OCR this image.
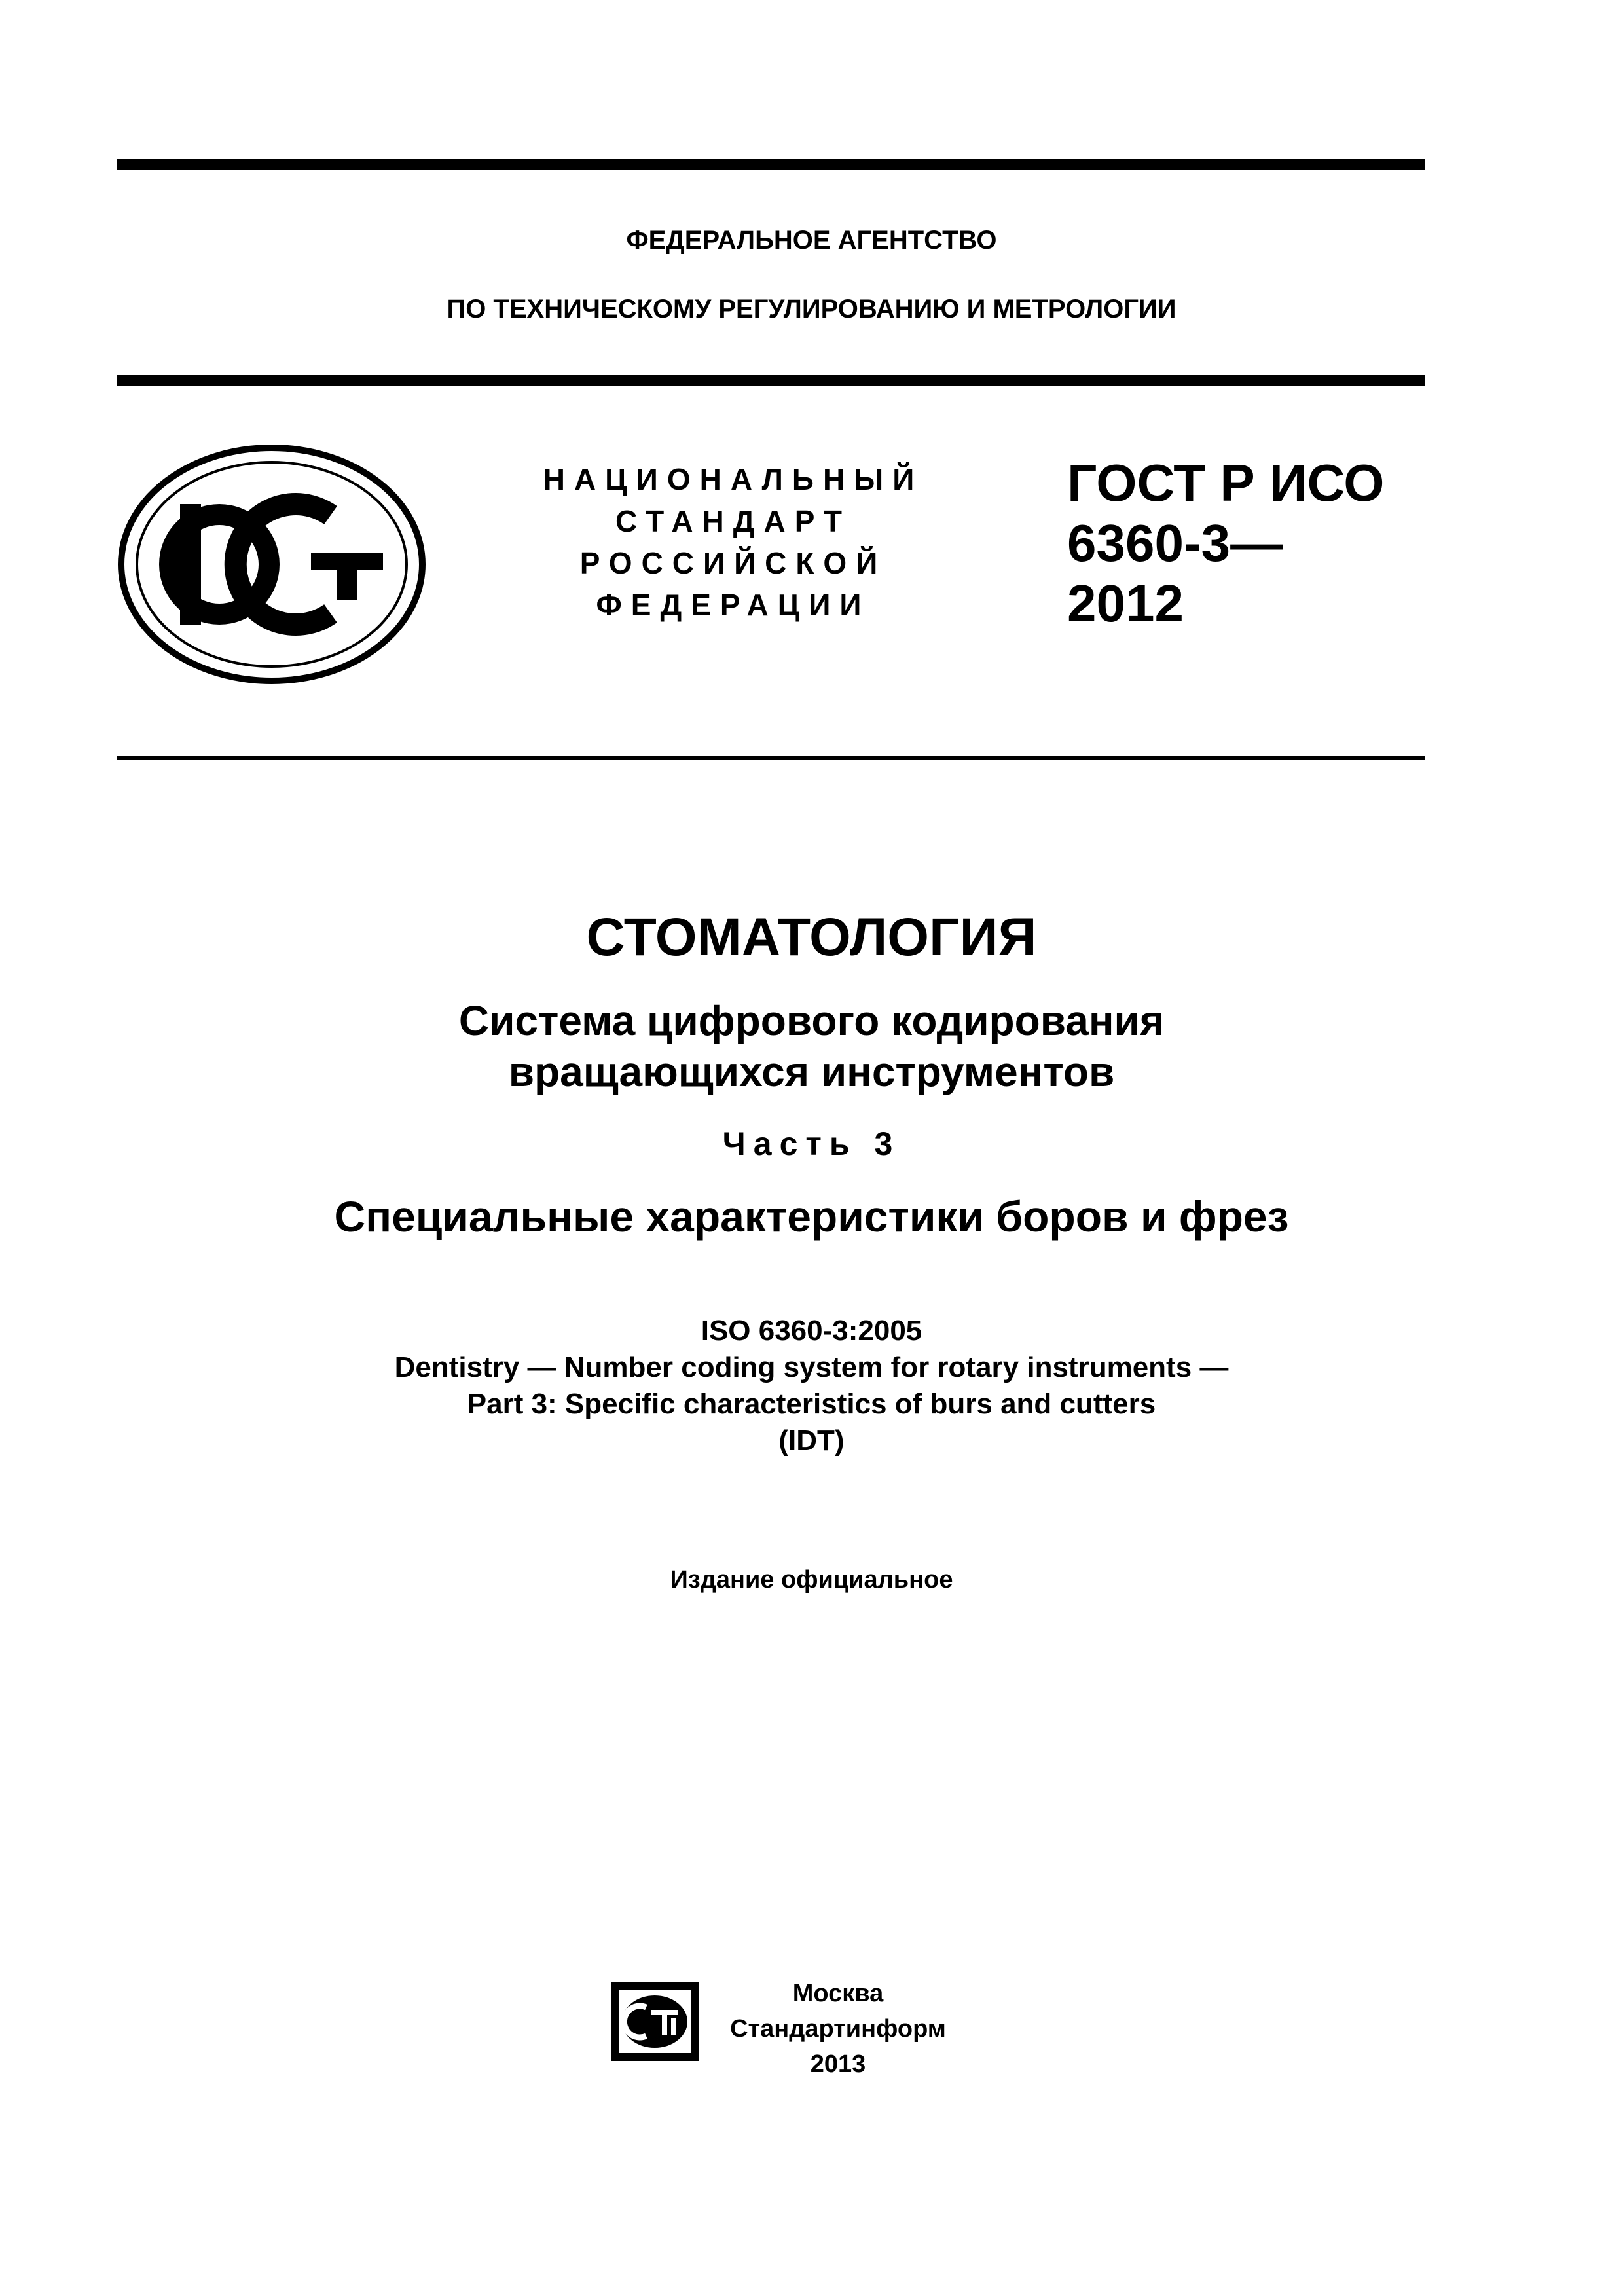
ФЕДЕРАЛЬНОЕ АГЕНТСТВО
ПО ТЕХНИЧЕСКОМУ РЕГУЛИРОВАНИЮ И МЕТРОЛОГИИ
НАЦИОНАЛЬНЫЙ
СТАНДАРТ
РОССИЙСКОЙ
ФЕДЕРАЦИИ
ГОСТ Р ИСО
6360-3—
2012
СТОМАТОЛОГИЯ
Система цифрового кодирования
вращающихся инструментов
Часть 3
Специальные характеристики боров и фрез
ISO 6360-3:2005
Dentistry — Number coding system for rotary instruments —
Part 3: Specific characteristics of burs and cutters
(IDT)
Издание официальное
Москва
Стандартинформ
2013
